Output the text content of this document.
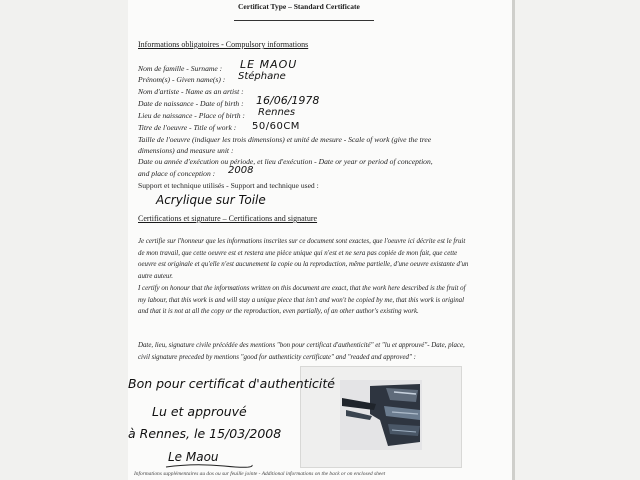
Certificat Type – Standard Certificate
Informations obligatoires - Compulsory informations
Nom de famille - Surname : LE MAOU
Prénom(s) - Given name(s) : Stéphane
Nom d'artiste - Name as an artist :
Date de naissance - Date of birth : 16/06/1978
Lieu de naissance - Place of birth : Rennes
Titre de l'oeuvre - Title of work : 50/60CM
Taille de l'oeuvre (indiquer les trois dimensions) et unité de mesure - Scale of work (give the tree
dimensions) and measure unit :
Date ou année d'exécution ou période, et lieu d'exécution - Date or year or period of conception,
and place of conception : 2008
Support et technique utilisés - Support and technique used :
Acrylique sur Toile
Certifications et signature – Certifications and signature
Je certifie sur l'honneur que les informations inscrites sur ce document sont exactes, que l'oeuvre ici décrite est le fruit de mon travail, que cette oeuvre est et restera une pièce unique qui n'est et ne sera pas copiée de mon fait, que cette oeuvre est originale et qu'elle n'est aucunement la copie ou la reproduction, même partielle, d'une oeuvre existante d'un autre auteur.
I certify on honour that the informations written on this document are exact, that the work here described is the fruit of my labour, that this work is and will stay a unique piece that isn't and won't be copied by me, that this work is original and that it is not at all the copy or the reproduction, even partially, of an other author's existing work.
Date, lieu, signature civile précédée des mentions "bon pour certificat d'authenticité" et "lu et approuvé"- Date, place, civil signature preceded by mentions "good for authenticity certificate" and "readed and approved" :
Bon pour certificat d'authenticité
Lu et approuvé
à Rennes, le 15/03/2008
Le Maou
Informations supplémentaires au dos ou sur feuille jointe - Additional informations on the back or on enclosed sheet
